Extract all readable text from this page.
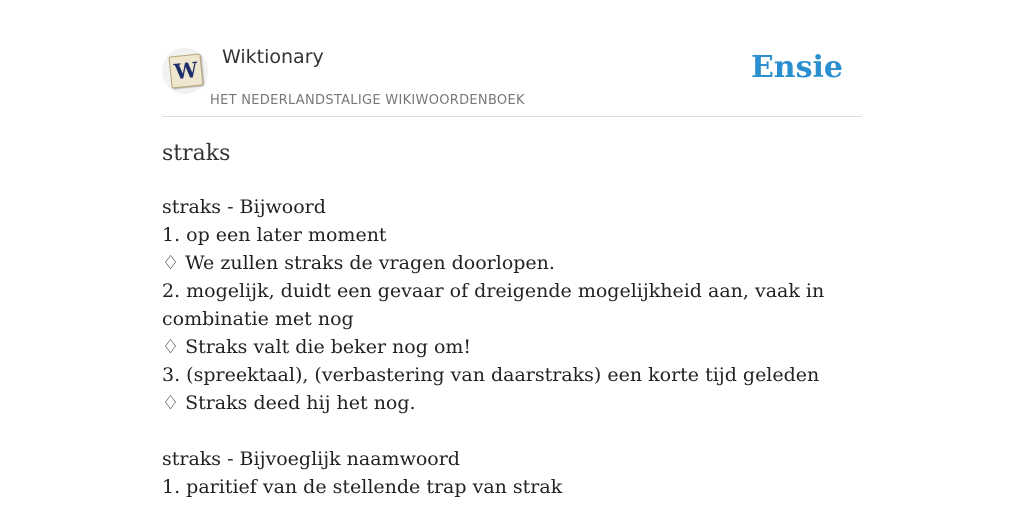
W Wiktionary
HET NEDERLANDSTALIGE WIKIWOORDENBOEK
Ensie
straks
straks - Bijwoord
1. op een later moment
♢ We zullen straks de vragen doorlopen.
2. mogelijk, duidt een gevaar of dreigende mogelijkheid aan, vaak in combinatie met nog
♢ Straks valt die beker nog om!
3. (spreektaal), (verbastering van daarstraks) een korte tijd geleden
♢ Straks deed hij het nog.
straks - Bijvoeglijk naamwoord
1. paritief van de stellende trap van strak
